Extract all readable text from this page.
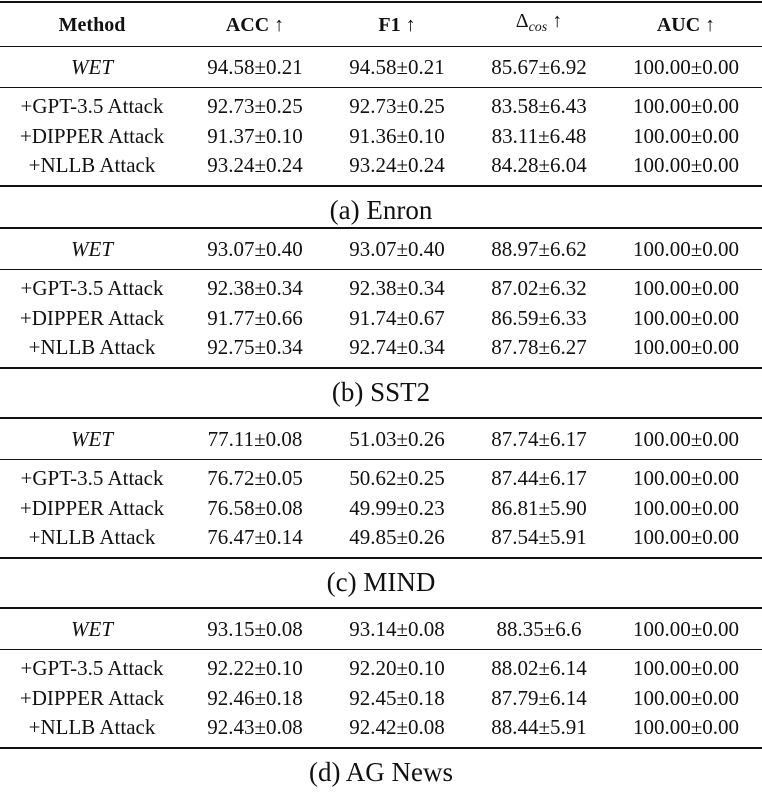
Method	ACC ↑	F1 ↑	$\Delta_{cos}$ ↑	AUC ↑
WET	94.58±0.21	94.58±0.21	85.67±6.92	100.00±0.00
+GPT-3.5 Attack	92.73±0.25	92.73±0.25	83.58±6.43	100.00±0.00
+DIPPER Attack	91.37±0.10	91.36±0.10	83.11±6.48	100.00±0.00
+NLLB Attack	93.24±0.24	93.24±0.24	84.28±6.04	100.00±0.00
(a) Enron
WET	93.07±0.40	93.07±0.40	88.97±6.62	100.00±0.00
+GPT-3.5 Attack	92.38±0.34	92.38±0.34	87.02±6.32	100.00±0.00
+DIPPER Attack	91.77±0.66	91.74±0.67	86.59±6.33	100.00±0.00
+NLLB Attack	92.75±0.34	92.74±0.34	87.78±6.27	100.00±0.00
(b) SST2
WET	77.11±0.08	51.03±0.26	87.74±6.17	100.00±0.00
+GPT-3.5 Attack	76.72±0.05	50.62±0.25	87.44±6.17	100.00±0.00
+DIPPER Attack	76.58±0.08	49.99±0.23	86.81±5.90	100.00±0.00
+NLLB Attack	76.47±0.14	49.85±0.26	87.54±5.91	100.00±0.00
(c) MIND
WET	93.15±0.08	93.14±0.08	88.35±6.6	100.00±0.00
+GPT-3.5 Attack	92.22±0.10	92.20±0.10	88.02±6.14	100.00±0.00
+DIPPER Attack	92.46±0.18	92.45±0.18	87.79±6.14	100.00±0.00
+NLLB Attack	92.43±0.08	92.42±0.08	88.44±5.91	100.00±0.00
(d) AG News
